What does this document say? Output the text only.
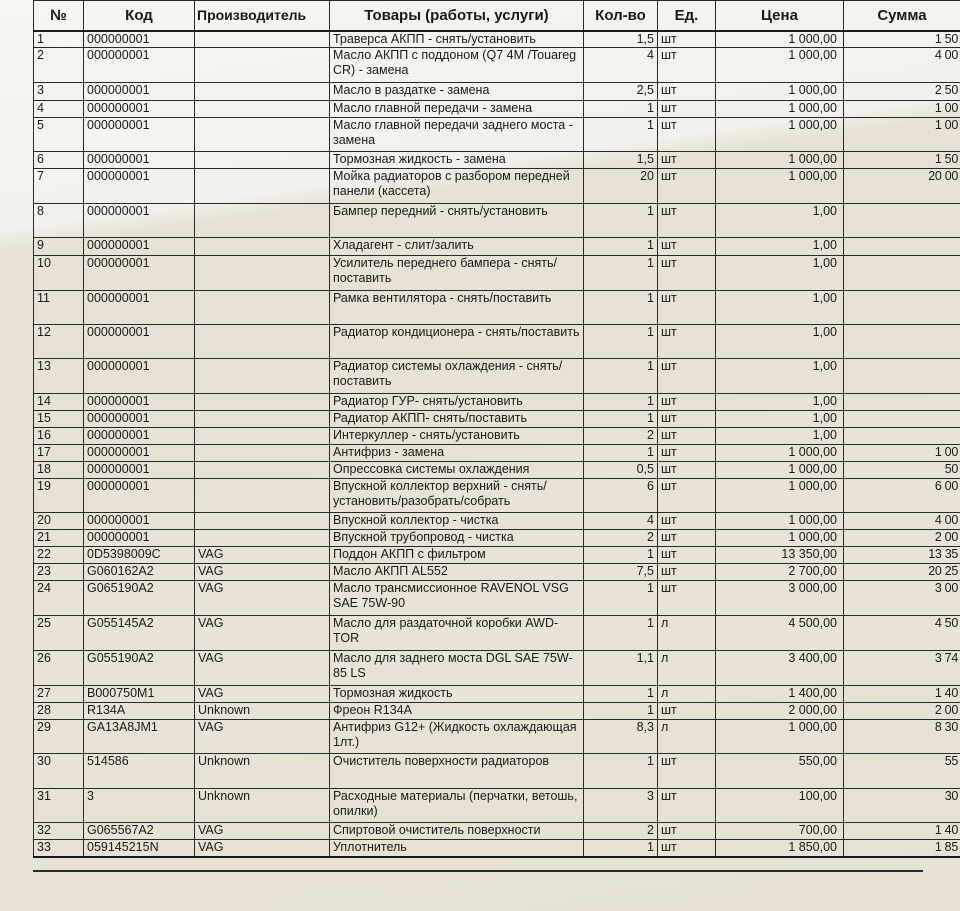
№	Код	Производитель	Товары (работы, услуги)	Кол-во	Ед.	Цена	Сумма
1	000000001		Траверса АКПП - снять/установить	1,5	шт	1 000,00	1 50
2	000000001		Масло АКПП с поддоном (Q7 4M /Touareg CR) - замена	4	шт	1 000,00	4 00
3	000000001		Масло в раздатке - замена	2,5	шт	1 000,00	2 50
4	000000001		Масло главной передачи - замена	1	шт	1 000,00	1 00
5	000000001		Масло главной передачи заднего моста - замена	1	шт	1 000,00	1 00
6	000000001		Тормозная жидкость - замена	1,5	шт	1 000,00	1 50
7	000000001		Мойка радиаторов с разбором передней панели (кассета)	20	шт	1 000,00	20 00
8	000000001		Бампер передний - снять/установить	1	шт	1,00	
9	000000001		Хладагент - слит/залить	1	шт	1,00	
10	000000001		Усилитель переднего бампера - снять/поставить	1	шт	1,00	
11	000000001		Рамка вентилятора - снять/поставить	1	шт	1,00	
12	000000001		Радиатор кондиционера - снять/поставить	1	шт	1,00	
13	000000001		Радиатор системы охлаждения - снять/поставить	1	шт	1,00	
14	000000001		Радиатор ГУР- снять/установить	1	шт	1,00	
15	000000001		Радиатор АКПП- снять/поставить	1	шт	1,00	
16	000000001		Интеркуллер - снять/установить	2	шт	1,00	
17	000000001		Антифриз - замена	1	шт	1 000,00	1 00
18	000000001		Опрессовка системы охлаждения	0,5	шт	1 000,00	50
19	000000001		Впускной коллектор верхний - снять/установить/разобрать/собрать	6	шт	1 000,00	6 00
20	000000001		Впускной коллектор - чистка	4	шт	1 000,00	4 00
21	000000001		Впускной трубопровод - чистка	2	шт	1 000,00	2 00
22	0D5398009C	VAG	Поддон АКПП с фильтром	1	шт	13 350,00	13 35
23	G060162A2	VAG	Масло АКПП AL552	7,5	шт	2 700,00	20 25
24	G065190A2	VAG	Масло трансмиссионное RAVENOL VSG SAE 75W-90	1	шт	3 000,00	3 00
25	G055145A2	VAG	Масло для раздаточной коробки AWD-TOR	1	л	4 500,00	4 50
26	G055190A2	VAG	Масло для заднего моста DGL SAE 75W-85 LS	1,1	л	3 400,00	3 74
27	B000750M1	VAG	Тормозная жидкость	1	л	1 400,00	1 40
28	R134A	Unknown	Фреон R134A	1	шт	2 000,00	2 00
29	GA13A8JM1	VAG	Антифриз G12+ (Жидкость охлаждающая 1лт.)	8,3	л	1 000,00	8 30
30	514586	Unknown	Очиститель поверхности радиаторов	1	шт	550,00	55
31	3	Unknown	Расходные материалы (перчатки, ветошь, опилки)	3	шт	100,00	30
32	G065567A2	VAG	Спиртовой очиститель поверхности	2	шт	700,00	1 40
33	059145215N	VAG	Уплотнитель	1	шт	1 850,00	1 85
